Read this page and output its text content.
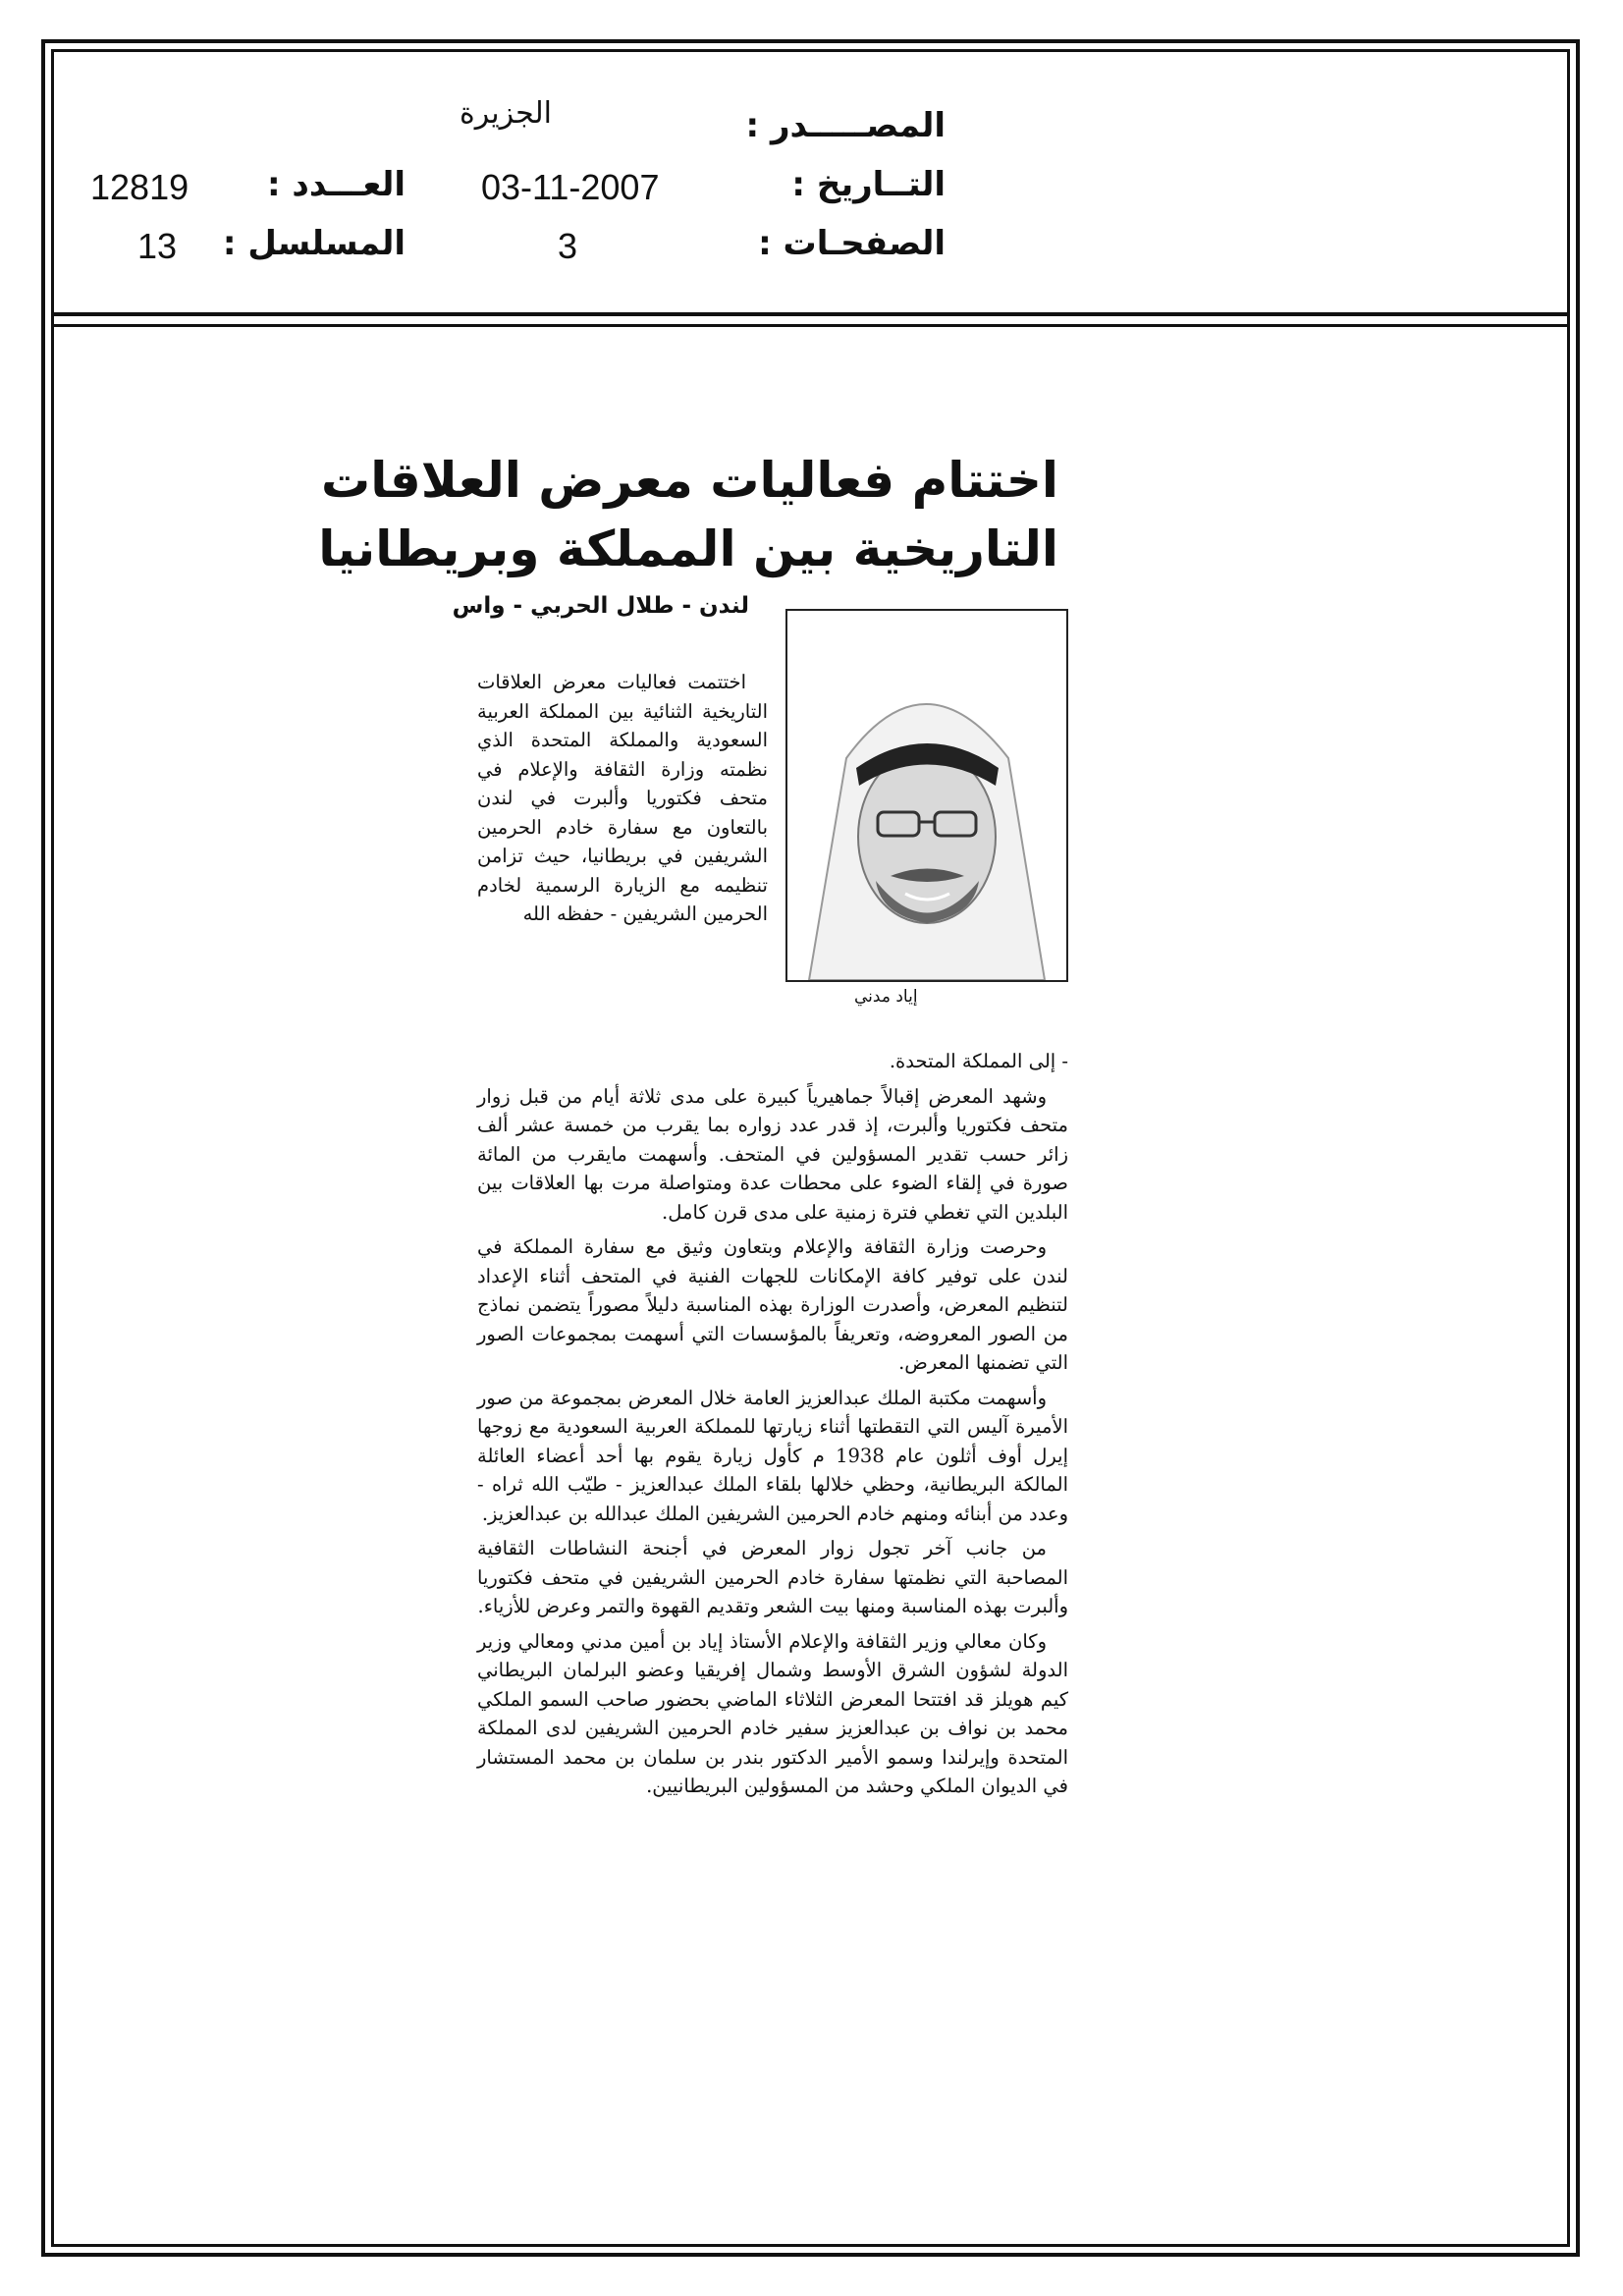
المصـــــدر :
الجزيرة
التــاريخ :
03-11-2007
العـــدد :
12819
الصفحـات :
3
المسلسل :
13
اختتام فعاليات معرض العلاقات
التاريخية بين المملكة وبريطانيا
لندن - طلال الحربي - واس
إياد مدني

اختتمت فعاليات معرض العلاقات التاريخية الثنائية بين المملكة العربية السعودية والمملكة المتحدة الذي نظمته وزارة الثقافة والإعلام في متحف فكتوريا وألبرت في لندن بالتعاون مع سفارة خادم الحرمين الشريفين في بريطانيا، حيث تزامن تنظيمه مع الزيارة الرسمية لخادم الحرمين الشريفين - حفظه الله

- إلى المملكة المتحدة.

وشهد المعرض إقبالاً جماهيرياً كبيرة على مدى ثلاثة أيام من قبل زوار متحف فكتوريا وألبرت، إذ قدر عدد زواره بما يقرب من خمسة عشر ألف زائر حسب تقدير المسؤولين في المتحف. وأسهمت مايقرب من المائة صورة في إلقاء الضوء على محطات عدة ومتواصلة مرت بها العلاقات بين البلدين التي تغطي فترة زمنية على مدى قرن كامل.

وحرصت وزارة الثقافة والإعلام وبتعاون وثيق مع سفارة المملكة في لندن على توفير كافة الإمكانات للجهات الفنية في المتحف أثناء الإعداد لتنظيم المعرض، وأصدرت الوزارة بهذه المناسبة دليلاً مصوراً يتضمن نماذج من الصور المعروضه، وتعريفاً بالمؤسسات التي أسهمت بمجموعات الصور التي تضمنها المعرض.

وأسهمت مكتبة الملك عبدالعزيز العامة خلال المعرض بمجموعة من صور الأميرة آليس التي التقطتها أثناء زيارتها للمملكة العربية السعودية مع زوجها إيرل أوف أثلون عام 1938 م كأول زيارة يقوم بها أحد أعضاء العائلة المالكة البريطانية، وحظي خلالها بلقاء الملك عبدالعزيز - طيّب الله ثراه - وعدد من أبنائه ومنهم خادم الحرمين الشريفين الملك عبدالله بن عبدالعزيز.

من جانب آخر تجول زوار المعرض في أجنحة النشاطات الثقافية المصاحبة التي نظمتها سفارة خادم الحرمين الشريفين في متحف فكتوريا وألبرت بهذه المناسبة ومنها بيت الشعر وتقديم القهوة والتمر وعرض للأزياء.

وكان معالي وزير الثقافة والإعلام الأستاذ إياد بن أمين مدني ومعالي وزير الدولة لشؤون الشرق الأوسط وشمال إفريقيا وعضو البرلمان البريطاني كيم هويلز قد افتتحا المعرض الثلاثاء الماضي بحضور صاحب السمو الملكي محمد بن نواف بن عبدالعزيز سفير خادم الحرمين الشريفين لدى المملكة المتحدة وإيرلندا وسمو الأمير الدكتور بندر بن سلمان بن محمد المستشار في الديوان الملكي وحشد من المسؤولين البريطانيين.
